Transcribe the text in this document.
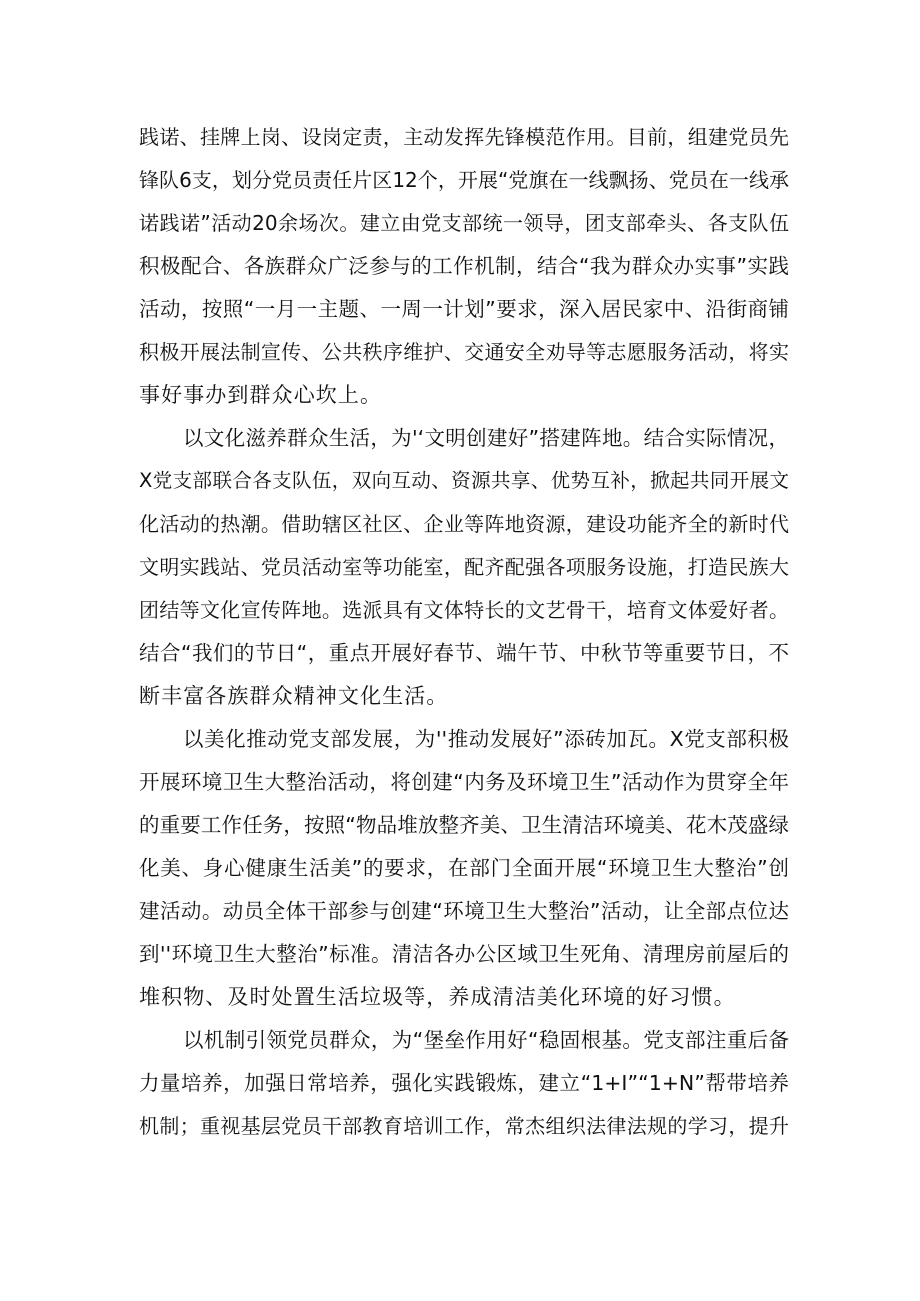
践诺、挂牌上岗、设岗定责，主动发挥先锋模范作用。目前，组建党员先
锋队6支，划分党员责任片区12个，开展“党旗在一线飘扬、党员在一线承
诺践诺”活动20余场次。建立由党支部统一领导，团支部牵头、各支队伍
积极配合、各族群众广泛参与的工作机制，结合“我为群众办实事”实践
活动，按照“一月一主题、一周一计划”要求，深入居民家中、沿街商铺
积极开展法制宣传、公共秩序维护、交通安全劝导等志愿服务活动，将实
事好事办到群众心坎上。
以文化滋养群众生活，为'‘文明创建好”搭建阵地。结合实际情况，
X党支部联合各支队伍，双向互动、资源共享、优势互补，掀起共同开展文
化活动的热潮。借助辖区社区、企业等阵地资源，建设功能齐全的新时代
文明实践站、党员活动室等功能室，配齐配强各项服务设施，打造民族大
团结等文化宣传阵地。选派具有文体特长的文艺骨干，培育文体爱好者。
结合“我们的节日“，重点开展好春节、端午节、中秋节等重要节日，不
断丰富各族群众精神文化生活。
以美化推动党支部发展，为''推动发展好”添砖加瓦。X党支部积极
开展环境卫生大整治活动，将创建“内务及环境卫生”活动作为贯穿全年
的重要工作任务，按照“物品堆放整齐美、卫生清洁环境美、花木茂盛绿
化美、身心健康生活美”的要求，在部门全面开展“环境卫生大整治”创
建活动。动员全体干部参与创建“环境卫生大整治”活动，让全部点位达
到''环境卫生大整治”标准。清洁各办公区域卫生死角、清理房前屋后的
堆积物、及时处置生活垃圾等，养成清洁美化环境的好习惯。
以机制引领党员群众，为“堡垒作用好“稳固根基。党支部注重后备
力量培养，加强日常培养，强化实践锻炼，建立“1+I”“1+N”帮带培养
机制；重视基层党员干部教育培训工作，常杰组织法律法规的学习，提升
